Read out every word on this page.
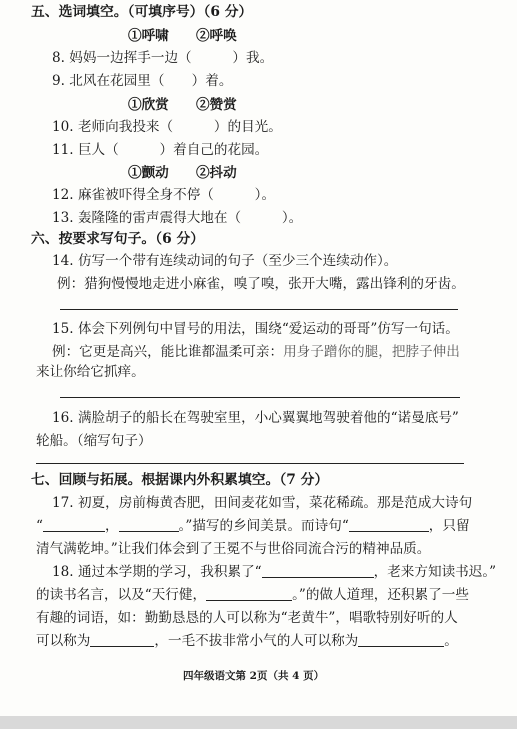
五、选词填空。（可填序号）（6 分）
①呼啸　　②呼唤
8. 妈妈一边挥手一边（　　　）我。
9. 北风在花园里（　　）着。
①欣赏　　②赞赏
10. 老师向我投来（　　　）的目光。
11. 巨人（　　　）着自己的花园。
①颤动　　②抖动
12. 麻雀被吓得全身不停（　　　）。
13. 轰隆隆的雷声震得大地在（　　　）。
六、按要求写句子。（6 分）
14. 仿写一个带有连续动词的句子（至少三个连续动作）。
例：猎狗慢慢地走进小麻雀，嗅了嗅，张开大嘴，露出锋利的牙齿。
15. 体会下列例句中冒号的用法，围绕“爱运动的哥哥”仿写一句话。
例：它更是高兴，能比谁都温柔可亲：用身子蹭你的腿，把脖子伸出
来让你给它抓痒。
16. 满脸胡子的船长在驾驶室里，小心翼翼地驾驶着他的“诺曼底号”
轮船。（缩写句子）
七、回顾与拓展。根据课内外积累填空。（7 分）
17. 初夏，房前梅黄杏肥，田间麦花如雪，菜花稀疏。那是范成大诗句
“	，	。”描写的乡间美景。而诗句“	，只留
清气满乾坤。”让我们体会到了王冕不与世俗同流合污的精神品质。
18. 通过本学期的学习，我积累了“	，老来方知读书迟。”
的读书名言，以及“天行健，	。”的做人道理，还积累了一些
有趣的词语，如：勤勤恳恳的人可以称为“老黄牛”，唱歌特别好听的人
可以称为	，一毛不拔非常小气的人可以称为	。
四年级语文第 2页（共 4 页）
